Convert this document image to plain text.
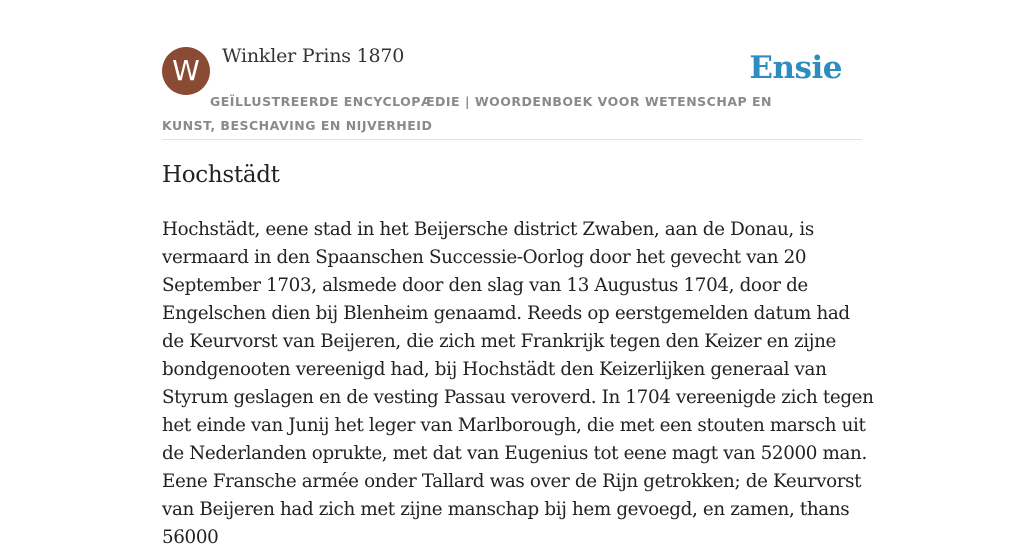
W	Winkler Prins 1870	Ensie
GEÏLLUSTREERDE ENCYCLOPÆDIE | WOORDENBOEK VOOR WETENSCHAP EN KUNST, BESCHAVING EN NIJVERHEID
Hochstädt

Hochstädt, eene stad in het Beijersche district Zwaben, aan de Donau, is vermaard in den Spaanschen Successie-Oorlog door het gevecht van 20 September 1703, alsmede door den slag van 13 Augustus 1704, door de Engelschen dien bij Blenheim genaamd. Reeds op eerstgemelden datum had de Keurvorst van Beijeren, die zich met Frankrijk tegen den Keizer en zijne bondgenooten vereenigd had, bij Hochstädt den Keizerlijken generaal van Styrum geslagen en de vesting Passau veroverd. In 1704 vereenigde zich tegen het einde van Junij het leger van Marlborough, die met een stouten marsch uit de Nederlanden oprukte, met dat van Eugenius tot eene magt van 52000 man. Eene Fransche armée onder Tallard was over de Rijn getrokken; de Keurvorst van Beijeren had zich met zijne manschap bij hem gevoegd, en zamen, thans 56000
